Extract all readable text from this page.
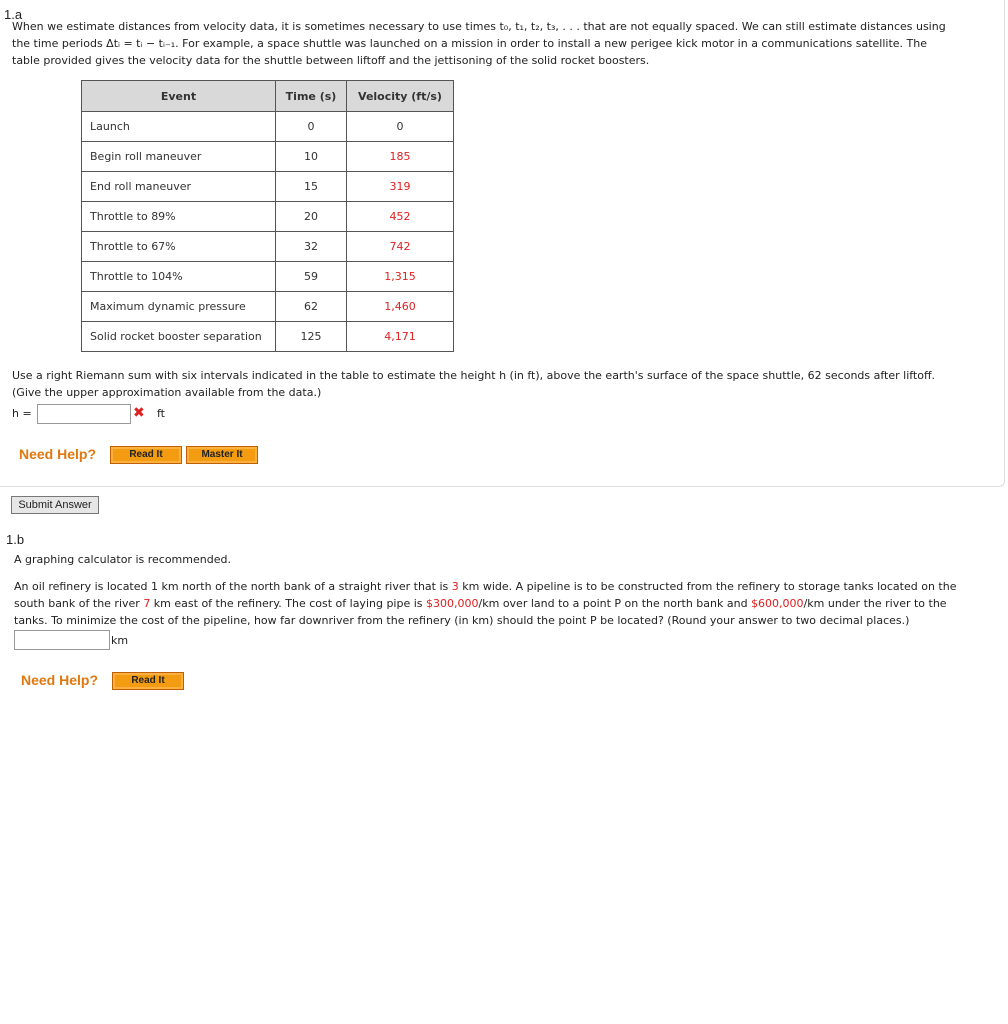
1.a
When we estimate distances from velocity data, it is sometimes necessary to use times t₀, t₁, t₂, t₃, . . . that are not equally spaced. We can still estimate distances using
the time periods Δtᵢ = tᵢ − tᵢ₋₁. For example, a space shuttle was launched on a mission in order to install a new perigee kick motor in a communications satellite. The
table provided gives the velocity data for the shuttle between liftoff and the jettisoning of the solid rocket boosters.
Event	Time (s)	Velocity (ft/s)
Launch	0	0
Begin roll maneuver	10	185
End roll maneuver	15	319
Throttle to 89%	20	452
Throttle to 67%	32	742
Throttle to 104%	59	1,315
Maximum dynamic pressure	62	1,460
Solid rocket booster separation	125	4,171
Use a right Riemann sum with six intervals indicated in the table to estimate the height h (in ft), above the earth's surface of the space shuttle, 62 seconds after liftoff.
(Give the upper approximation available from the data.)
h =	✖ ft
Need Help?	Read It	Master It
Submit Answer
1.b
A graphing calculator is recommended.
An oil refinery is located 1 km north of the north bank of a straight river that is 3 km wide. A pipeline is to be constructed from the refinery to storage tanks located on the
south bank of the river 7 km east of the refinery. The cost of laying pipe is $300,000/km over land to a point P on the north bank and $600,000/km under the river to the
tanks. To minimize the cost of the pipeline, how far downriver from the refinery (in km) should the point P be located? (Round your answer to two decimal places.)
km
Need Help?	Read It
